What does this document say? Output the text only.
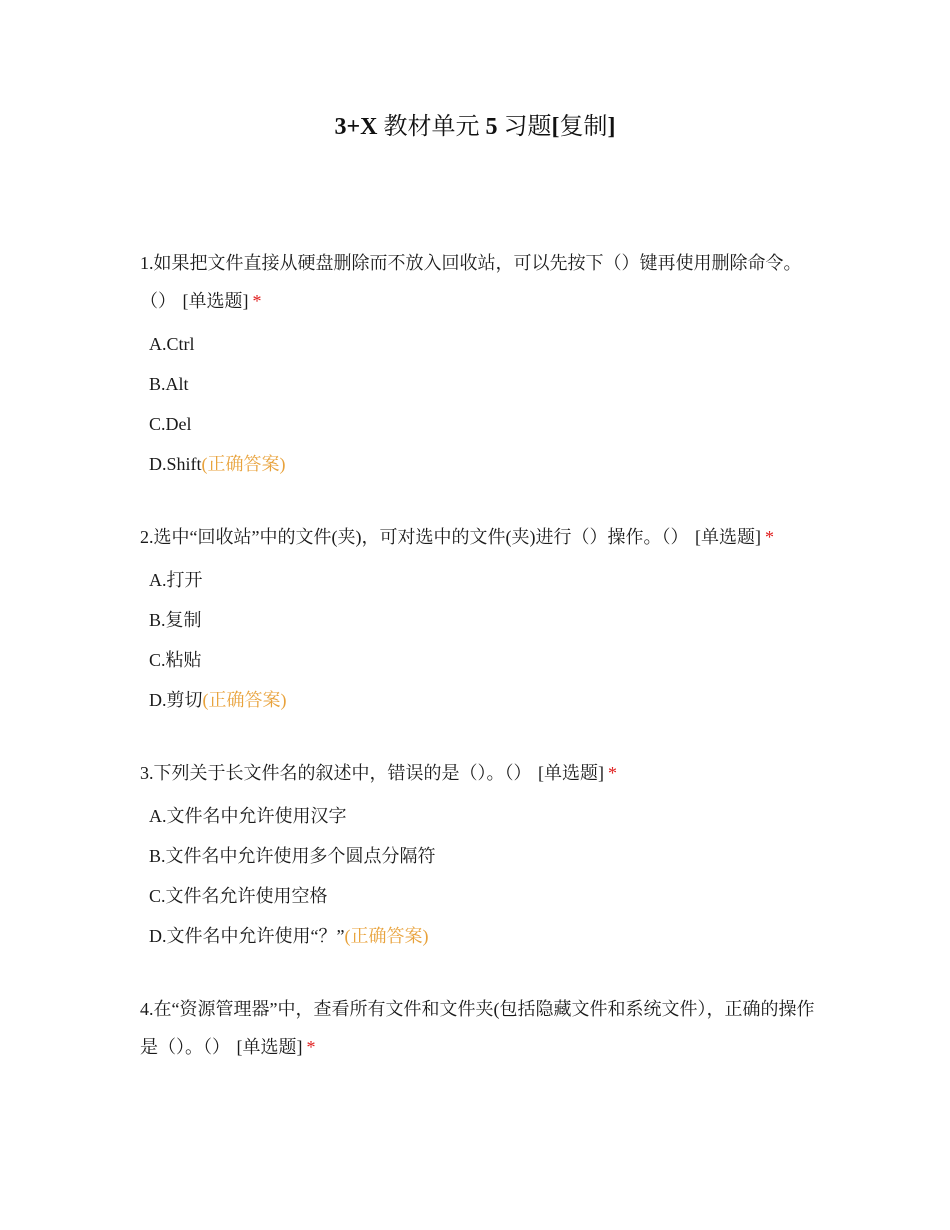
3+X 教材单元 5 习题[复制]
1.如果把文件直接从硬盘删除而不放入回收站，可以先按下（）键再使用删除命令。（） [单选题] *
A.Ctrl
B.Alt
C.Del
D.Shift(正确答案)
2.选中“回收站”中的文件(夹)，可对选中的文件(夹)进行（）操作。（） [单选题] *
A.打开
B.复制
C.粘贴
D.剪切(正确答案)
3.下列关于长文件名的叙述中，错误的是（）。（） [单选题] *
A.文件名中允许使用汉字
B.文件名中允许使用多个圆点分隔符
C.文件名允许使用空格
D.文件名中允许使用“？”(正确答案)
4.在“资源管理器”中，查看所有文件和文件夹(包括隐藏文件和系统文件），正确的操作是（）。（） [单选题] *
